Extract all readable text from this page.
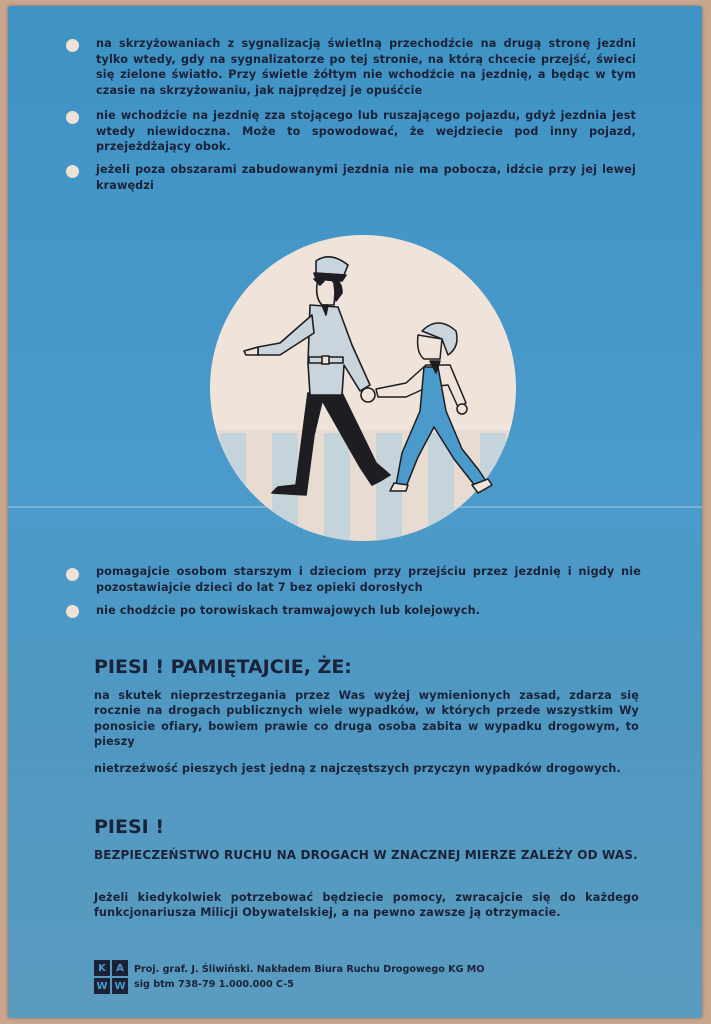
na skrzyżowaniach z sygnalizacją świetlną przechodźcie na drugą stronę jezdni tylko wtedy, gdy na sygnalizatorze po tej stronie, na którą chcecie przejść, świeci się zielone światło. Przy świetle żółtym nie wchodźcie na jezdnię, a będąc w tym czasie na skrzyżowaniu, jak najprędzej je opuśćcie
nie wchodźcie na jezdnię zza stojącego lub ruszającego pojazdu, gdyż jezdnia jest wtedy niewidoczna. Może to spowodować, że wejdziecie pod inny pojazd, przejeżdżający obok.
jeżeli poza obszarami zabudowanymi jezdnia nie ma pobocza, idźcie przy jej lewej krawędzi
pomagajcie osobom starszym i dzieciom przy przejściu przez jezdnię i nigdy nie pozostawiajcie dzieci do lat 7 bez opieki dorosłych
nie chodźcie po torowiskach tramwajowych lub kolejowych.
PIESI ! PAMIĘTAJCIE, ŻE:
na skutek nieprzestrzegania przez Was wyżej wymienionych zasad, zdarza się rocznie na drogach publicznych wiele wypadków, w których przede wszystkim Wy ponosicie ofiary, bowiem prawie co druga osoba zabita w wypadku drogowym, to pieszy
nietrzeźwość pieszych jest jedną z najczęstszych przyczyn wypadków drogowych.
PIESI !
BEZPIECZEŃSTWO RUCHU NA DROGACH W ZNACZNEJ MIERZE ZALEŻY OD WAS.
Jeżeli kiedykolwiek potrzebować będziecie pomocy, zwracajcie się do każdego funkcjonariusza Milicji Obywatelskiej, a na pewno zawsze ją otrzymacie.
K	A
W W

Proj. graf. J. Śliwiński. Nakładem Biura Ruchu Drogowego KG MO

sig btm 738-79 1.000.000 C-5
